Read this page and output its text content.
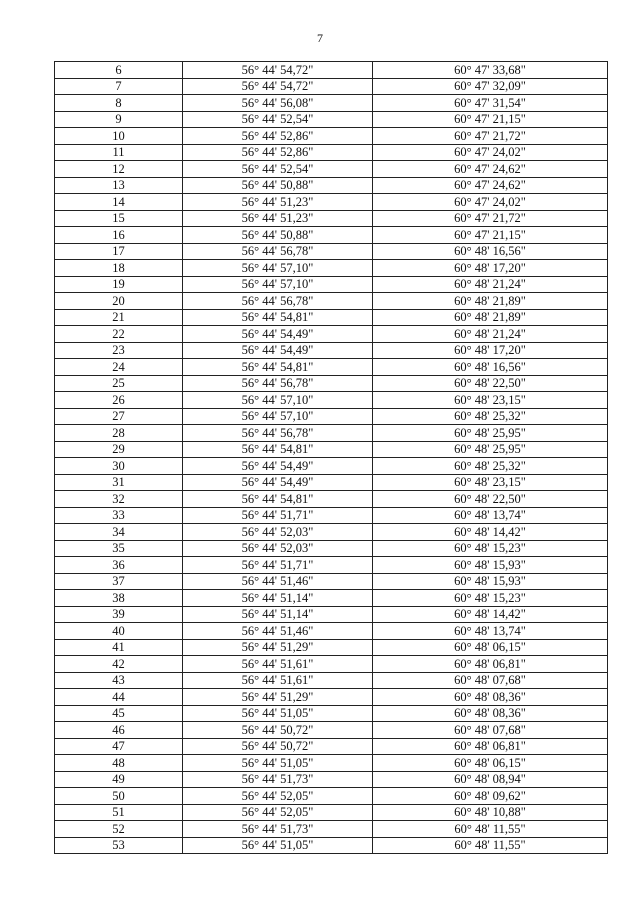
7
6	56° 44' 54,72"	60° 47' 33,68"
7	56° 44' 54,72"	60° 47' 32,09"
8	56° 44' 56,08"	60° 47' 31,54"
9	56° 44' 52,54"	60° 47' 21,15"
10	56° 44' 52,86"	60° 47' 21,72"
11	56° 44' 52,86"	60° 47' 24,02"
12	56° 44' 52,54"	60° 47' 24,62"
13	56° 44' 50,88"	60° 47' 24,62"
14	56° 44' 51,23"	60° 47' 24,02"
15	56° 44' 51,23"	60° 47' 21,72"
16	56° 44' 50,88"	60° 47' 21,15"
17	56° 44' 56,78"	60° 48' 16,56"
18	56° 44' 57,10"	60° 48' 17,20"
19	56° 44' 57,10"	60° 48' 21,24"
20	56° 44' 56,78"	60° 48' 21,89"
21	56° 44' 54,81"	60° 48' 21,89"
22	56° 44' 54,49"	60° 48' 21,24"
23	56° 44' 54,49"	60° 48' 17,20"
24	56° 44' 54,81"	60° 48' 16,56"
25	56° 44' 56,78"	60° 48' 22,50"
26	56° 44' 57,10"	60° 48' 23,15"
27	56° 44' 57,10"	60° 48' 25,32"
28	56° 44' 56,78"	60° 48' 25,95"
29	56° 44' 54,81"	60° 48' 25,95"
30	56° 44' 54,49"	60° 48' 25,32"
31	56° 44' 54,49"	60° 48' 23,15"
32	56° 44' 54,81"	60° 48' 22,50"
33	56° 44' 51,71"	60° 48' 13,74"
34	56° 44' 52,03"	60° 48' 14,42"
35	56° 44' 52,03"	60° 48' 15,23"
36	56° 44' 51,71"	60° 48' 15,93"
37	56° 44' 51,46"	60° 48' 15,93"
38	56° 44' 51,14"	60° 48' 15,23"
39	56° 44' 51,14"	60° 48' 14,42"
40	56° 44' 51,46"	60° 48' 13,74"
41	56° 44' 51,29"	60° 48' 06,15"
42	56° 44' 51,61"	60° 48' 06,81"
43	56° 44' 51,61"	60° 48' 07,68"
44	56° 44' 51,29"	60° 48' 08,36"
45	56° 44' 51,05"	60° 48' 08,36"
46	56° 44' 50,72"	60° 48' 07,68"
47	56° 44' 50,72"	60° 48' 06,81"
48	56° 44' 51,05"	60° 48' 06,15"
49	56° 44' 51,73"	60° 48' 08,94"
50	56° 44' 52,05"	60° 48' 09,62"
51	56° 44' 52,05"	60° 48' 10,88"
52	56° 44' 51,73"	60° 48' 11,55"
53	56° 44' 51,05"	60° 48' 11,55"
